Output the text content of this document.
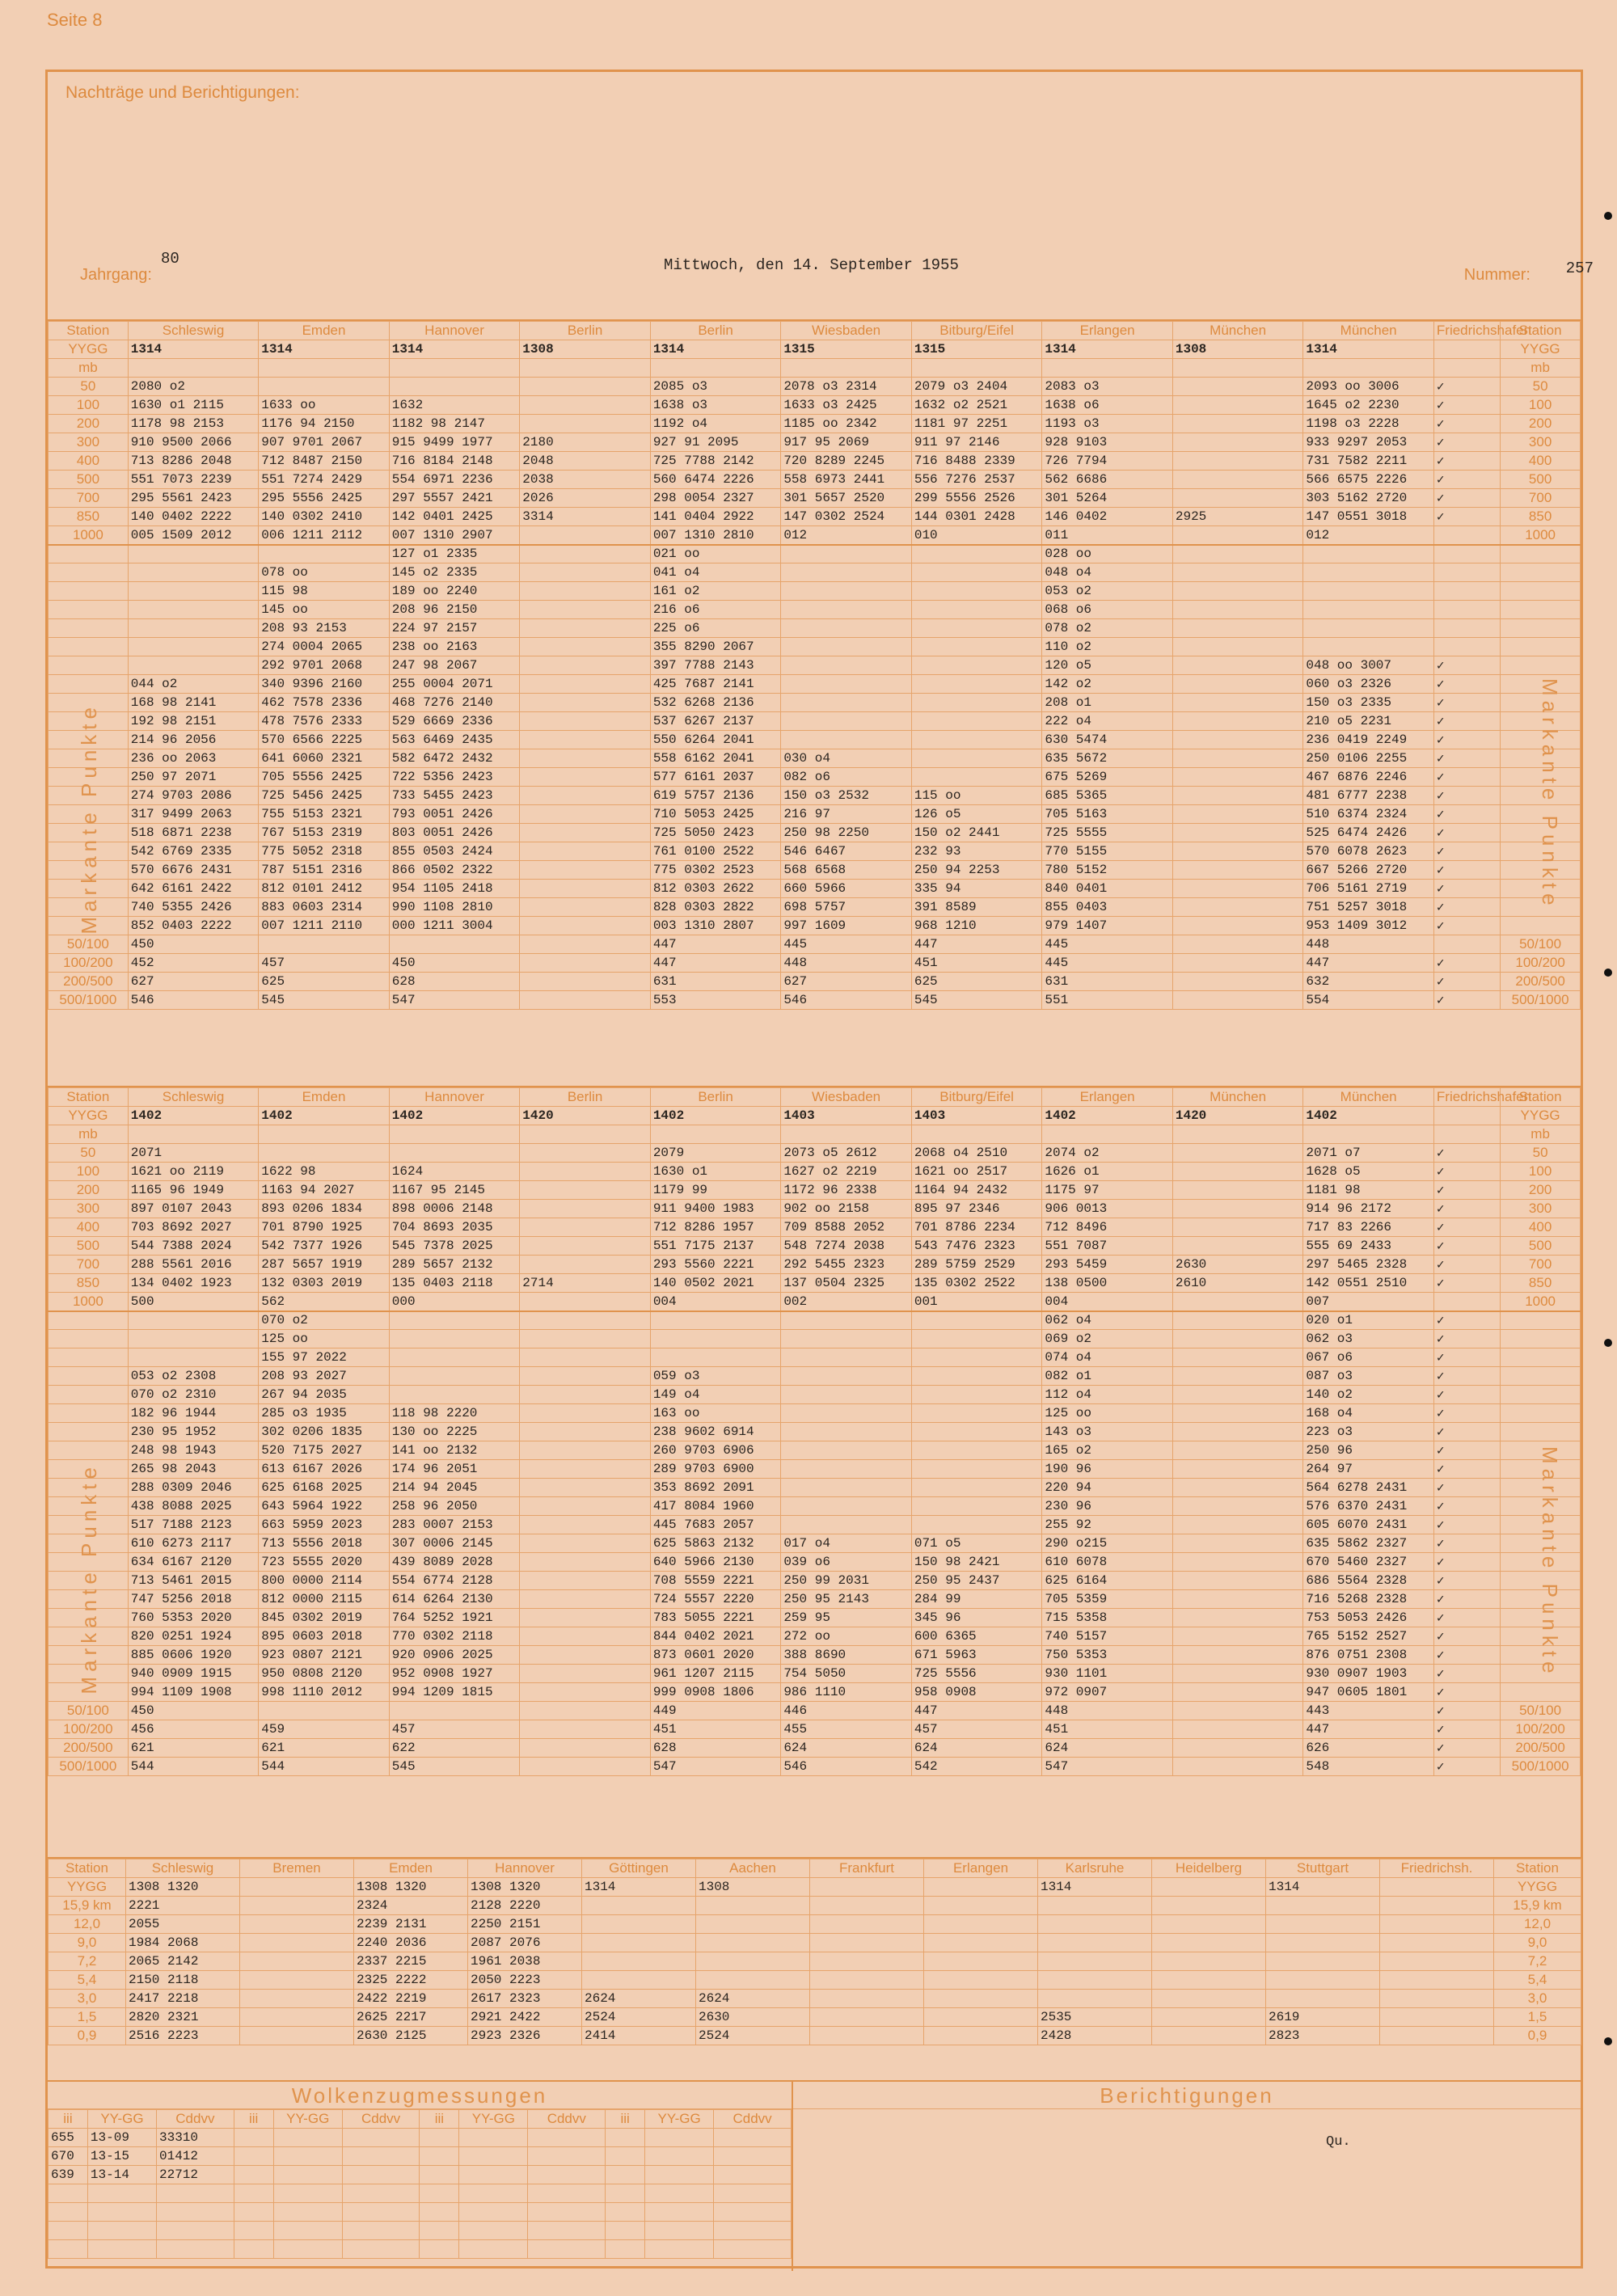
Seite 8
Nachträge und Berichtigungen:
Jahrgang:
80	Mittwoch, den 14. September 1955
Nummer: 257
Station	Schleswig	Emden	Hannover	Berlin	Berlin	Wiesbaden	Bitburg/Eifel	Erlangen	München	München	Friedrichshafen	Station
YYGG	1314	1314	1314	1308	1314	1315	1315	1314	1308	1314		YYGG
mb												mb
50	2080 o2				2085 o3	2078 o3 2314	2079 o3 2404	2083 o3		2093 oo 3006	✓	50
100	1630 o1 2115	1633 oo	1632		1638 o3	1633 o3 2425	1632 o2 2521	1638 o6		1645 o2 2230	✓	100
200	1178 98 2153	1176 94 2150	1182 98 2147		1192 o4	1185 oo 2342	1181 97 2251	1193 o3		1198 o3 2228	✓	200
300	910 9500 2066	907 9701 2067	915 9499 1977	2180	927 91 2095	917 95 2069	911 97 2146	928 9103		933 9297 2053	✓	300
400	713 8286 2048	712 8487 2150	716 8184 2148	2048	725 7788 2142	720 8289 2245	716 8488 2339	726 7794		731 7582 2211	✓	400
500	551 7073 2239	551 7274 2429	554 6971 2236	2038	560 6474 2226	558 6973 2441	556 7276 2537	562 6686		566 6575 2226	✓	500
700	295 5561 2423	295 5556 2425	297 5557 2421	2026	298 0054 2327	301 5657 2520	299 5556 2526	301 5264		303 5162 2720	✓	700
850	140 0402 2222	140 0302 2410	142 0401 2425	3314	141 0404 2922	147 0302 2524	144 0301 2428	146 0402	2925	147 0551 3018	✓	850
1000	005 1509 2012	006 1211 2112	007 1310 2907		007 1310 2810	012	010	011		012		1000
			127 o1 2335		021 oo			028 oo				
		078 oo	145 o2 2335		041 o4			048 o4				
		115 98	189 oo 2240		161 o2			053 o2				
		145 oo	208 96 2150		216 o6			068 o6				
		208 93 2153	224 97 2157		225 o6			078 o2				
		274 0004 2065	238 oo 2163		355 8290 2067			110 o2				
		292 9701 2068	247 98 2067		397 7788 2143			120 o5		048 oo 3007	✓	
	044 o2	340 9396 2160	255 0004 2071		425 7687 2141			142 o2		060 o3 2326	✓	
	168 98 2141	462 7578 2336	468 7276 2140		532 6268 2136			208 o1		150 o3 2335	✓	
	192 98 2151	478 7576 2333	529 6669 2336		537 6267 2137			222 o4		210 o5 2231	✓	
	214 96 2056	570 6566 2225	563 6469 2435		550 6264 2041			630 5474		236 0419 2249	✓	
	236 oo 2063	641 6060 2321	582 6472 2432		558 6162 2041	030 o4		635 5672		250 0106 2255	✓	
	250 97 2071	705 5556 2425	722 5356 2423		577 6161 2037	082 o6		675 5269		467 6876 2246	✓	
	274 9703 2086	725 5456 2425	733 5455 2423		619 5757 2136	150 o3 2532	115 oo	685 5365		481 6777 2238	✓	
	317 9499 2063	755 5153 2321	793 0051 2426		710 5053 2425	216 97	126 o5	705 5163		510 6374 2324	✓	
	518 6871 2238	767 5153 2319	803 0051 2426		725 5050 2423	250 98 2250	150 o2 2441	725 5555		525 6474 2426	✓	
	542 6769 2335	775 5052 2318	855 0503 2424		761 0100 2522	546 6467	232 93	770 5155		570 6078 2623	✓	
	570 6676 2431	787 5151 2316	866 0502 2322		775 0302 2523	568 6568	250 94 2253	780 5152		667 5266 2720	✓	
	642 6161 2422	812 0101 2412	954 1105 2418		812 0303 2622	660 5966	335 94	840 0401		706 5161 2719	✓	
	740 5355 2426	883 0603 2314	990 1108 2810		828 0303 2822	698 5757	391 8589	855 0403		751 5257 3018	✓	
	852 0403 2222	007 1211 2110	000 1211 3004		003 1310 2807	997 1609	968 1210	979 1407		953 1409 3012	✓	
50/100	450				447	445	447	445		448		50/100
100/200	452	457	450		447	448	451	445		447	✓	100/200
200/500	627	625	628		631	627	625	631		632	✓	200/500
500/1000	546	545	547		553	546	545	551		554	✓	500/1000
Markante Punkte	Markante Punkte
Station	Schleswig	Emden	Hannover	Berlin	Berlin	Wiesbaden	Bitburg/Eifel	Erlangen	München	München	Friedrichshafen	Station
YYGG	1402	1402	1402	1420	1402	1403	1403	1402	1420	1402		YYGG
mb												mb
50	2071				2079	2073 o5 2612	2068 o4 2510	2074 o2		2071 o7	✓	50
100	1621 oo 2119	1622 98	1624		1630 o1	1627 o2 2219	1621 oo 2517	1626 o1		1628 o5	✓	100
200	1165 96 1949	1163 94 2027	1167 95 2145		1179 99	1172 96 2338	1164 94 2432	1175 97		1181 98	✓	200
300	897 0107 2043	893 0206 1834	898 0006 2148		911 9400 1983	902 oo 2158	895 97 2346	906 0013		914 96 2172	✓	300
400	703 8692 2027	701 8790 1925	704 8693 2035		712 8286 1957	709 8588 2052	701 8786 2234	712 8496		717 83 2266	✓	400
500	544 7388 2024	542 7377 1926	545 7378 2025		551 7175 2137	548 7274 2038	543 7476 2323	551 7087		555 69 2433	✓	500
700	288 5561 2016	287 5657 1919	289 5657 2132		293 5560 2221	292 5455 2323	289 5759 2529	293 5459	2630	297 5465 2328	✓	700
850	134 0402 1923	132 0303 2019	135 0403 2118	2714	140 0502 2021	137 0504 2325	135 0302 2522	138 0500	2610	142 0551 2510	✓	850
1000	500	562	000		004	002	001	004		007		1000
		070 o2						062 o4		020 o1	✓	
		125 oo						069 o2		062 o3	✓	
		155 97 2022						074 o4		067 o6	✓	
	053 o2 2308	208 93 2027			059 o3			082 o1		087 o3	✓	
	070 o2 2310	267 94 2035			149 o4			112 o4		140 o2	✓	
	182 96 1944	285 o3 1935	118 98 2220		163 oo			125 oo		168 o4	✓	
	230 95 1952	302 0206 1835	130 oo 2225		238 9602 6914			143 o3		223 o3	✓	
	248 98 1943	520 7175 2027	141 oo 2132		260 9703 6906			165 o2		250 96	✓	
	265 98 2043	613 6167 2026	174 96 2051		289 9703 6900			190 96		264 97	✓	
	288 0309 2046	625 6168 2025	214 94 2045		353 8692 2091			220 94		564 6278 2431	✓	
	438 8088 2025	643 5964 1922	258 96 2050		417 8084 1960			230 96		576 6370 2431	✓	
	517 7188 2123	663 5959 2023	283 0007 2153		445 7683 2057			255 92		605 6070 2431	✓	
	610 6273 2117	713 5556 2018	307 0006 2145		625 5863 2132	017 o4	071 o5	290 o215		635 5862 2327	✓	
	634 6167 2120	723 5555 2020	439 8089 2028		640 5966 2130	039 o6	150 98 2421	610 6078		670 5460 2327	✓	
	713 5461 2015	800 0000 2114	554 6774 2128		708 5559 2221	250 99 2031	250 95 2437	625 6164		686 5564 2328	✓	
	747 5256 2018	812 0000 2115	614 6264 2130		724 5557 2220	250 95 2143	284 99	705 5359		716 5268 2328	✓	
	760 5353 2020	845 0302 2019	764 5252 1921		783 5055 2221	259 95	345 96	715 5358		753 5053 2426	✓	
	820 0251 1924	895 0603 2018	770 0302 2118		844 0402 2021	272 oo	600 6365	740 5157		765 5152 2527	✓	
	885 0606 1920	923 0807 2121	920 0906 2025		873 0601 2020	388 8690	671 5963	750 5353		876 0751 2308	✓	
	940 0909 1915	950 0808 2120	952 0908 1927		961 1207 2115	754 5050	725 5556	930 1101		930 0907 1903	✓	
	994 1109 1908	998 1110 2012	994 1209 1815		999 0908 1806	986 1110	958 0908	972 0907		947 0605 1801	✓	
50/100	450				449	446	447	448		443	✓	50/100
100/200	456	459	457		451	455	457	451		447	✓	100/200
200/500	621	621	622		628	624	624	624		626	✓	200/500
500/1000	544	544	545		547	546	542	547		548	✓	500/1000
Markante Punkte	Markante Punkte
Station	Schleswig	Bremen	Emden	Hannover	Göttingen	Aachen	Frankfurt	Erlangen	Karlsruhe	Heidelberg	Stuttgart	Friedrichsh.	Station
YYGG	1308 1320		1308 1320	1308 1320	1314	1308			1314		1314		YYGG
15,9 km	2221		2324	2128 2220									15,9 km
12,0	2055		2239 2131	2250 2151									12,0
9,0	1984 2068		2240 2036	2087 2076									9,0
7,2	2065 2142		2337 2215	1961 2038									7,2
5,4	2150 2118		2325 2222	2050 2223									5,4
3,0	2417 2218		2422 2219	2617 2323	2624	2624							3,0
1,5	2820 2321		2625 2217	2921 2422	2524	2630			2535		2619		1,5
0,9	2516 2223		2630 2125	2923 2326	2414	2524			2428		2823		0,9
Wolkenzugmessungen
iii	YY-GG	Cddvv	iii	YY-GG	Cddvv	iii	YY-GG	Cddvv	iii	YY-GG	Cddvv
655	13-09	33310									
670	13-15	01412									
639	13-14	22712									

Berichtigungen
Qu.
